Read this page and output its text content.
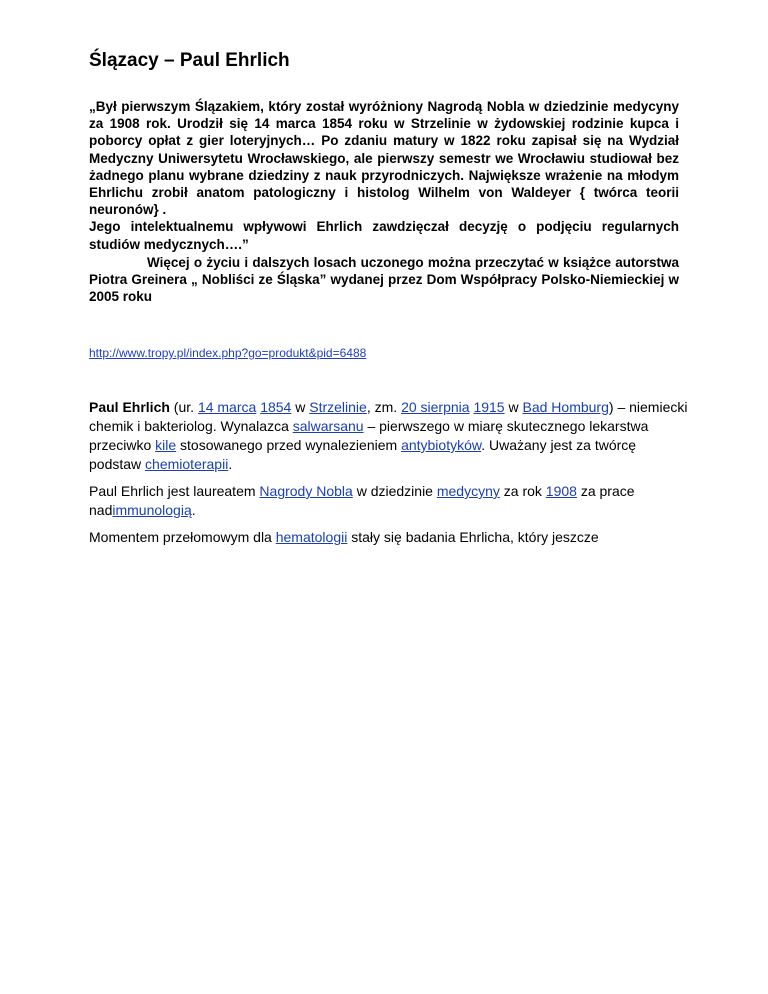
Ślązacy – Paul Ehrlich

„Był pierwszym Ślązakiem, który został wyróżniony Nagrodą Nobla w dziedzinie medycyny za 1908 rok. Urodził się 14 marca 1854 roku w Strzelinie w żydowskiej rodzinie kupca i poborcy opłat z gier loteryjnych… Po zdaniu matury w 1822 roku zapisał się na Wydział Medyczny Uniwersytetu Wrocławskiego, ale pierwszy semestr we Wrocławiu studiował bez żadnego planu wybrane dziedziny z nauk przyrodniczych. Największe wrażenie na młodym Ehrlichu zrobił anatom patologiczny i histolog Wilhelm von Waldeyer { twórca teorii neuronów} .

Jego intelektualnemu wpływowi Ehrlich zawdzięczał decyzję o podjęciu regularnych studiów medycznych….”

Więcej o życiu i dalszych losach uczonego można przeczytać w książce autorstwa Piotra Greinera „ Nobliści ze Śląska” wydanej przez Dom Współpracy Polsko-Niemieckiej w 2005 roku

http://www.tropy.pl/index.php?go=produkt&pid=6488

Paul Ehrlich (ur. 14 marca 1854 w Strzelinie, zm. 20 sierpnia 1915 w Bad Homburg) – niemiecki chemik i bakteriolog. Wynalazca salwarsanu – pierwszego w miarę skutecznego lekarstwa przeciwko kile stosowanego przed wynalezieniem antybiotyków. Uważany jest za twórcę podstaw chemioterapii.

Paul Ehrlich jest laureatem Nagrody Nobla w dziedzinie medycyny za rok 1908 za prace nadimmunologią.

Momentem przełomowym dla hematologii stały się badania Ehrlicha, który jeszcze
